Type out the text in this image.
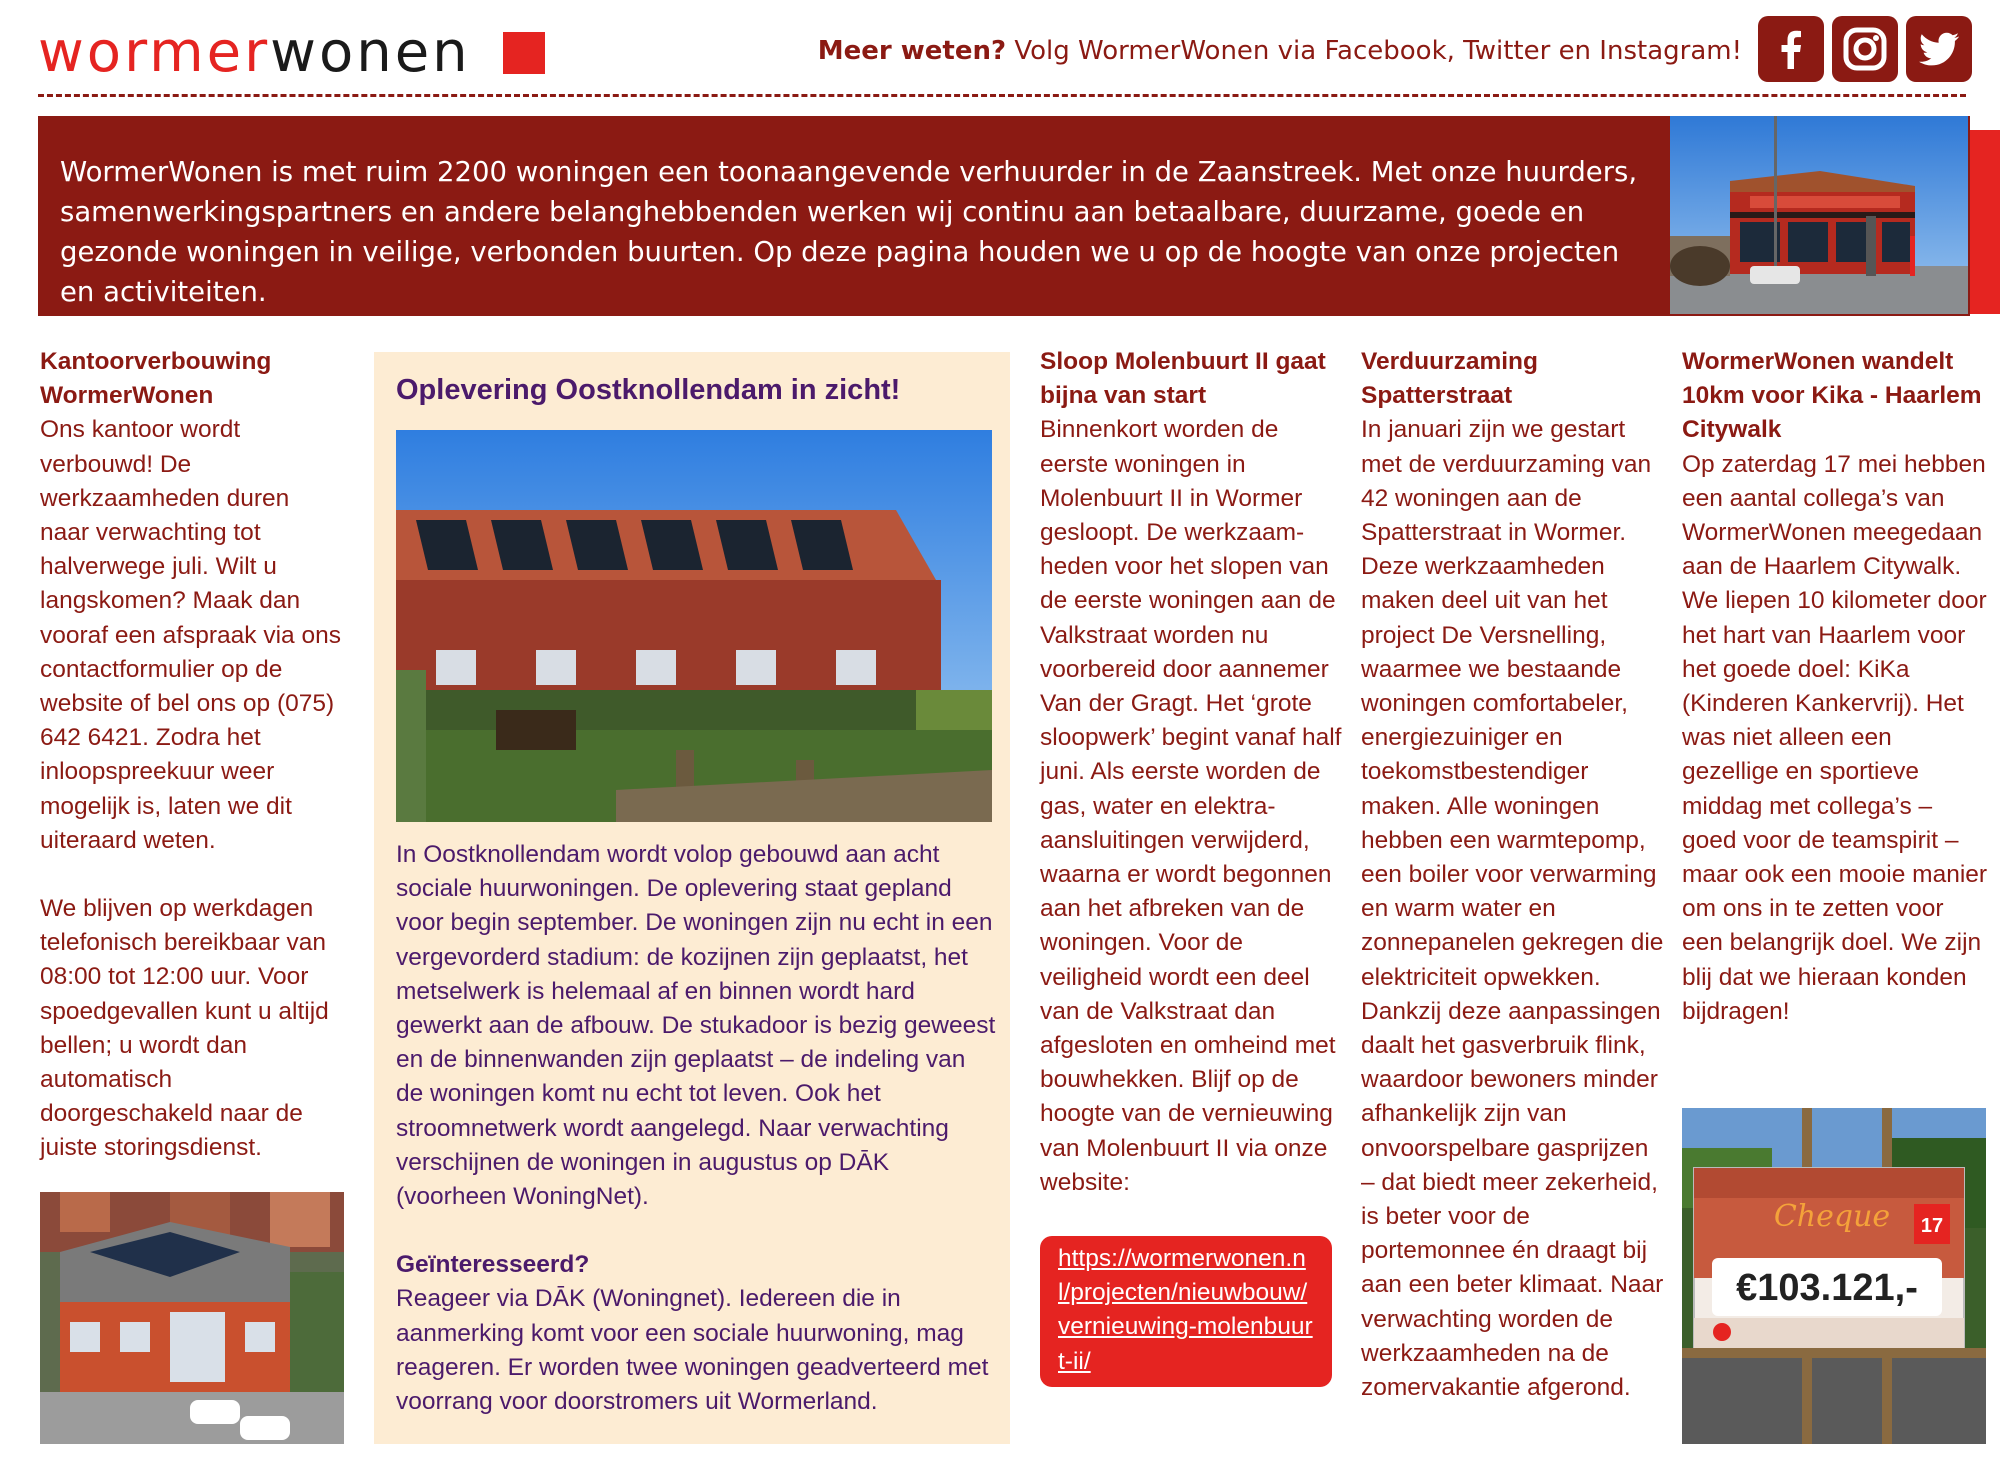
wormerwonen	Meer weten? Volg WormerWonen via Facebook, Twitter en Instagram!

WormerWonen is met ruim 2200 woningen een toonaangevende verhuurder in de Zaanstreek. Met onze huurders, samenwerkingspartners en andere belanghebbenden werken wij continu aan betaalbare, duurzame, goede en gezonde woningen in veilige, verbonden buurten. Op deze pagina houden we u op de hoogte van onze projecten en activiteiten.

Kantoorverbouwing WormerWonen

Ons kantoor wordt verbouwd! De werkzaamheden duren naar verwachting tot halverwege juli. Wilt u langskomen? Maak dan vooraf een afspraak via ons contactformulier op de website of bel ons op (075) 642 6421. Zodra het inloopspreekuur weer mogelijk is, laten we dit uiteraard weten.

We blijven op werkdagen telefonisch bereikbaar van 08:00 tot 12:00 uur. Voor spoedgevallen kunt u altijd bellen; u wordt dan automatisch doorgeschakeld naar de juiste storingsdienst.

Oplevering Oostknollendam in zicht!

In Oostknollendam wordt volop gebouwd aan acht sociale huurwoningen. De oplevering staat gepland voor begin september. De woningen zijn nu echt in een vergevorderd stadium: de kozijnen zijn geplaatst, het metselwerk is helemaal af en binnen wordt hard gewerkt aan de afbouw. De stukadoor is bezig geweest en de binnenwanden zijn geplaatst – de indeling van de woningen komt nu echt tot leven. Ook het stroomnetwerk wordt aangelegd. Naar verwachting verschijnen de woningen in augustus op DĀK (voorheen WoningNet).

Geïnteresseerd?

Reageer via DĀK (Woningnet). Iedereen die in aanmerking komt voor een sociale huurwoning, mag reageren. Er worden twee woningen geadverteerd met voorrang voor doorstromers uit Wormerland.

Sloop Molenbuurt II gaat bijna van start

Binnenkort worden de eerste woningen in Molenbuurt II in Wormer gesloopt. De werkzaam-heden voor het slopen van de eerste woningen aan de Valkstraat worden nu voorbereid door aannemer Van der Gragt. Het ‘grote sloopwerk’ begint vanaf half juni. Als eerste worden de gas, water en elektra-aansluitingen verwijderd, waarna er wordt begonnen aan het afbreken van de woningen. Voor de veiligheid wordt een deel van de Valkstraat dan afgesloten en omheind met bouwhekken. Blijf op de hoogte van de vernieuwing van Molenbuurt II via onze website:

https://wormerwonen.nl/projecten/nieuwbouw/vernieuwing-molenbuurt-ii/
Verduurzaming Spatterstraat

In januari zijn we gestart met de verduurzaming van 42 woningen aan de Spatterstraat in Wormer. Deze werkzaamheden maken deel uit van het project De Versnelling, waarmee we bestaande woningen comfortabeler, energiezuiniger en toekomstbestendiger maken. Alle woningen hebben een warmtepomp, een boiler voor verwarming en warm water en zonnepanelen gekregen die elektriciteit opwekken. Dankzij deze aanpassingen daalt het gasverbruik flink, waardoor bewoners minder afhankelijk zijn van onvoorspelbare gasprijzen – dat biedt meer zekerheid, is beter voor de portemonnee én draagt bij aan een beter klimaat. Naar verwachting worden de werkzaamheden na de zomervakantie afgerond.

WormerWonen wandelt 10km voor Kika - Haarlem Citywalk

Op zaterdag 17 mei hebben een aantal collega’s van WormerWonen meegedaan aan de Haarlem Citywalk. We liepen 10 kilometer door het hart van Haarlem voor het goede doel: KiKa (Kinderen Kankervrij). Het was niet alleen een gezellige en sportieve middag met collega’s – goed voor de teamspirit – maar ook een mooie manier om ons in te zetten voor een belangrijk doel. We zijn blij dat we hieraan konden bijdragen!

Cheque 17
€103.121,-
